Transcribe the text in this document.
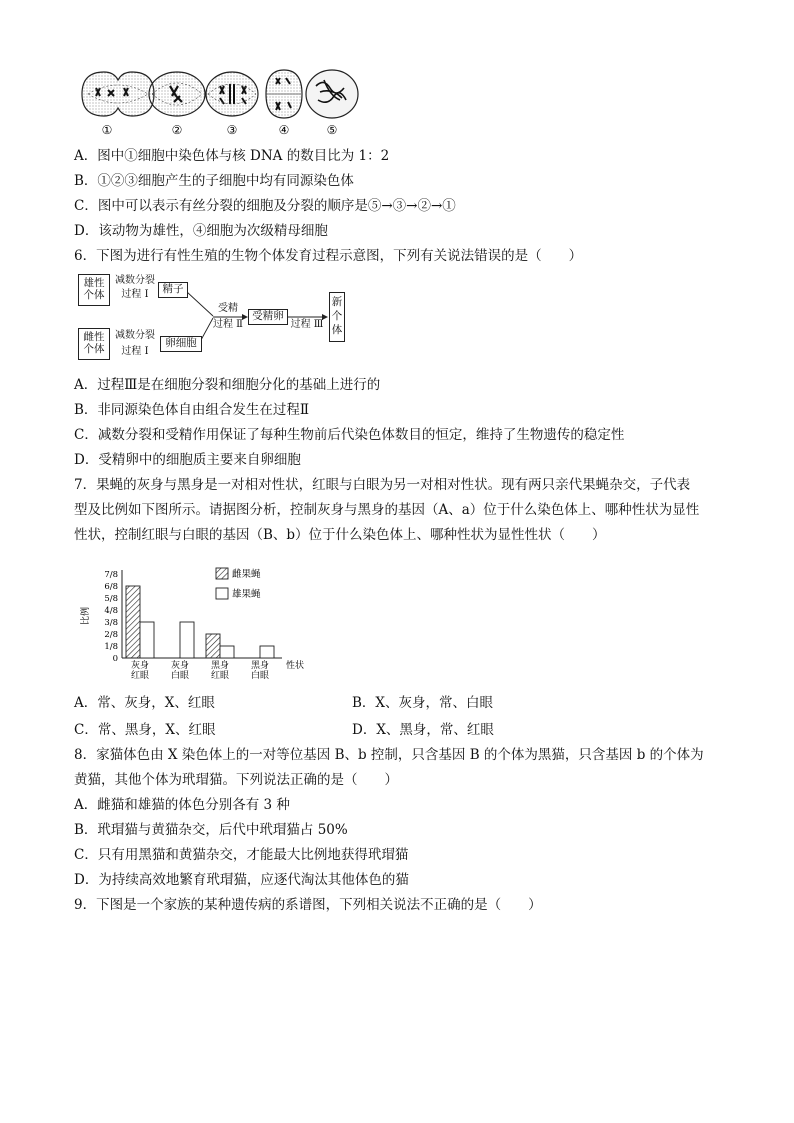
①	②	③	④	⑤
A．图中①细胞中染色体与核 DNA 的数目比为 1：2
B．①②③细胞产生的子细胞中均有同源染色体
C．图中可以表示有丝分裂的细胞及分裂的顺序是⑤→③→②→①
D．该动物为雄性，④细胞为次级精母细胞
6．下图为进行有性生殖的生物个体发育过程示意图，下列有关说法错误的是（　　）
雄性个体
减数分裂
过程 Ⅰ	精子
雌性个体
减数分裂
过程 Ⅰ
卵细胞
受精
过程 Ⅱ
受精卵
过程 Ⅲ
新个体
A．过程Ⅲ是在细胞分裂和细胞分化的基础上进行的
B．非同源染色体自由组合发生在过程Ⅱ
C．减数分裂和受精作用保证了每种生物前后代染色体数目的恒定，维持了生物遗传的稳定性
D．受精卵中的细胞质主要来自卵细胞
7．果蝇的灰身与黑身是一对相对性状，红眼与白眼为另一对相对性状。现有两只亲代果蝇杂交，子代表
型及比例如下图所示。请据图分析，控制灰身与黑身的基因（A、a）位于什么染色体上、哪种性状为显性
性状，控制红眼与白眼的基因（B、b）位于什么染色体上、哪种性状为显性性状（　　）
0
1/8
2/8
3/8
4/8
5/8
6/8
7/8
比例
性状
灰身
红眼
灰身
白眼
黑身
红眼
黑身
白眼
雌果蝇
雄果蝇
A．常、灰身，X、红眼	B．X、灰身，常、白眼
C．常、黑身，X、红眼	D．X、黑身，常、红眼
8．家猫体色由 X 染色体上的一对等位基因 B、b 控制，只含基因 B 的个体为黑猫，只含基因 b 的个体为
黄猫，其他个体为玳瑁猫。下列说法正确的是（　　）
A．雌猫和雄猫的体色分别各有 3 种
B．玳瑁猫与黄猫杂交，后代中玳瑁猫占 50%
C．只有用黑猫和黄猫杂交，才能最大比例地获得玳瑁猫
D．为持续高效地繁育玳瑁猫，应逐代淘汰其他体色的猫
9．下图是一个家族的某种遗传病的系谱图，下列相关说法不正确的是（　　）
